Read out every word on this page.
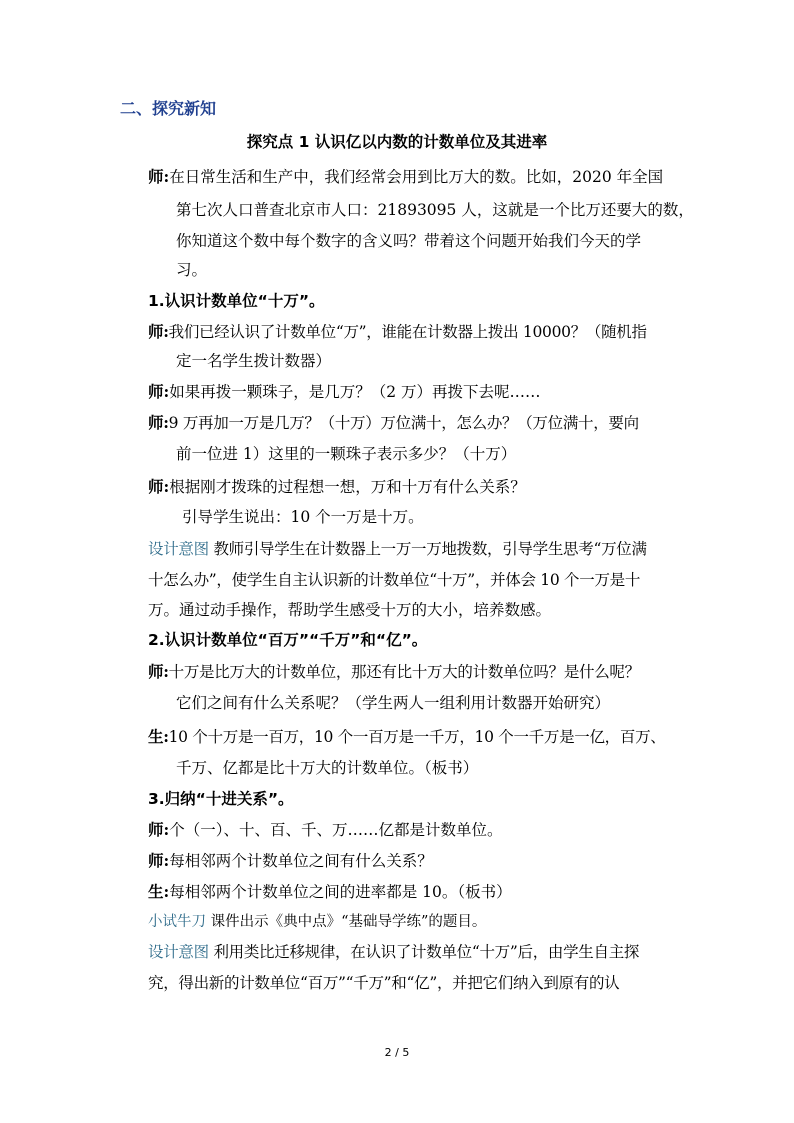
二、探究新知
探究点 1 认识亿以内数的计数单位及其进率
师:在日常生活和生产中，我们经常会用到比万大的数。比如，2020 年全国
第七次人口普查北京市人口：21893095 人，这就是一个比万还要大的数，
你知道这个数中每个数字的含义吗？带着这个问题开始我们今天的学
习。
1.认识计数单位“十万”。
师:我们已经认识了计数单位“万”，谁能在计数器上拨出 10000？（随机指
定一名学生拨计数器）
师:如果再拨一颗珠子，是几万？（2 万）再拨下去呢……
师:9 万再加一万是几万？（十万）万位满十，怎么办？（万位满十，要向
前一位进 1）这里的一颗珠子表示多少？（十万）
师:根据刚才拨珠的过程想一想，万和十万有什么关系？
引导学生说出：10 个一万是十万。
设计意图 教师引导学生在计数器上一万一万地拨数，引导学生思考“万位满
十怎么办”，使学生自主认识新的计数单位“十万”，并体会 10 个一万是十
万。通过动手操作，帮助学生感受十万的大小，培养数感。
2.认识计数单位“百万”“千万”和“亿”。
师:十万是比万大的计数单位，那还有比十万大的计数单位吗？是什么呢？
它们之间有什么关系呢？（学生两人一组利用计数器开始研究）
生:10 个十万是一百万，10 个一百万是一千万，10 个一千万是一亿，百万、
千万、亿都是比十万大的计数单位。（板书）
3.归纳“十进关系”。
师:个（一）、十、百、千、万……亿都是计数单位。
师:每相邻两个计数单位之间有什么关系？
生:每相邻两个计数单位之间的进率都是 10。（板书）
小试牛刀 课件出示《典中点》“基础导学练”的题目。
设计意图 利用类比迁移规律，在认识了计数单位“十万”后，由学生自主探
究，得出新的计数单位“百万”“千万”和“亿”，并把它们纳入到原有的认
2 / 5
